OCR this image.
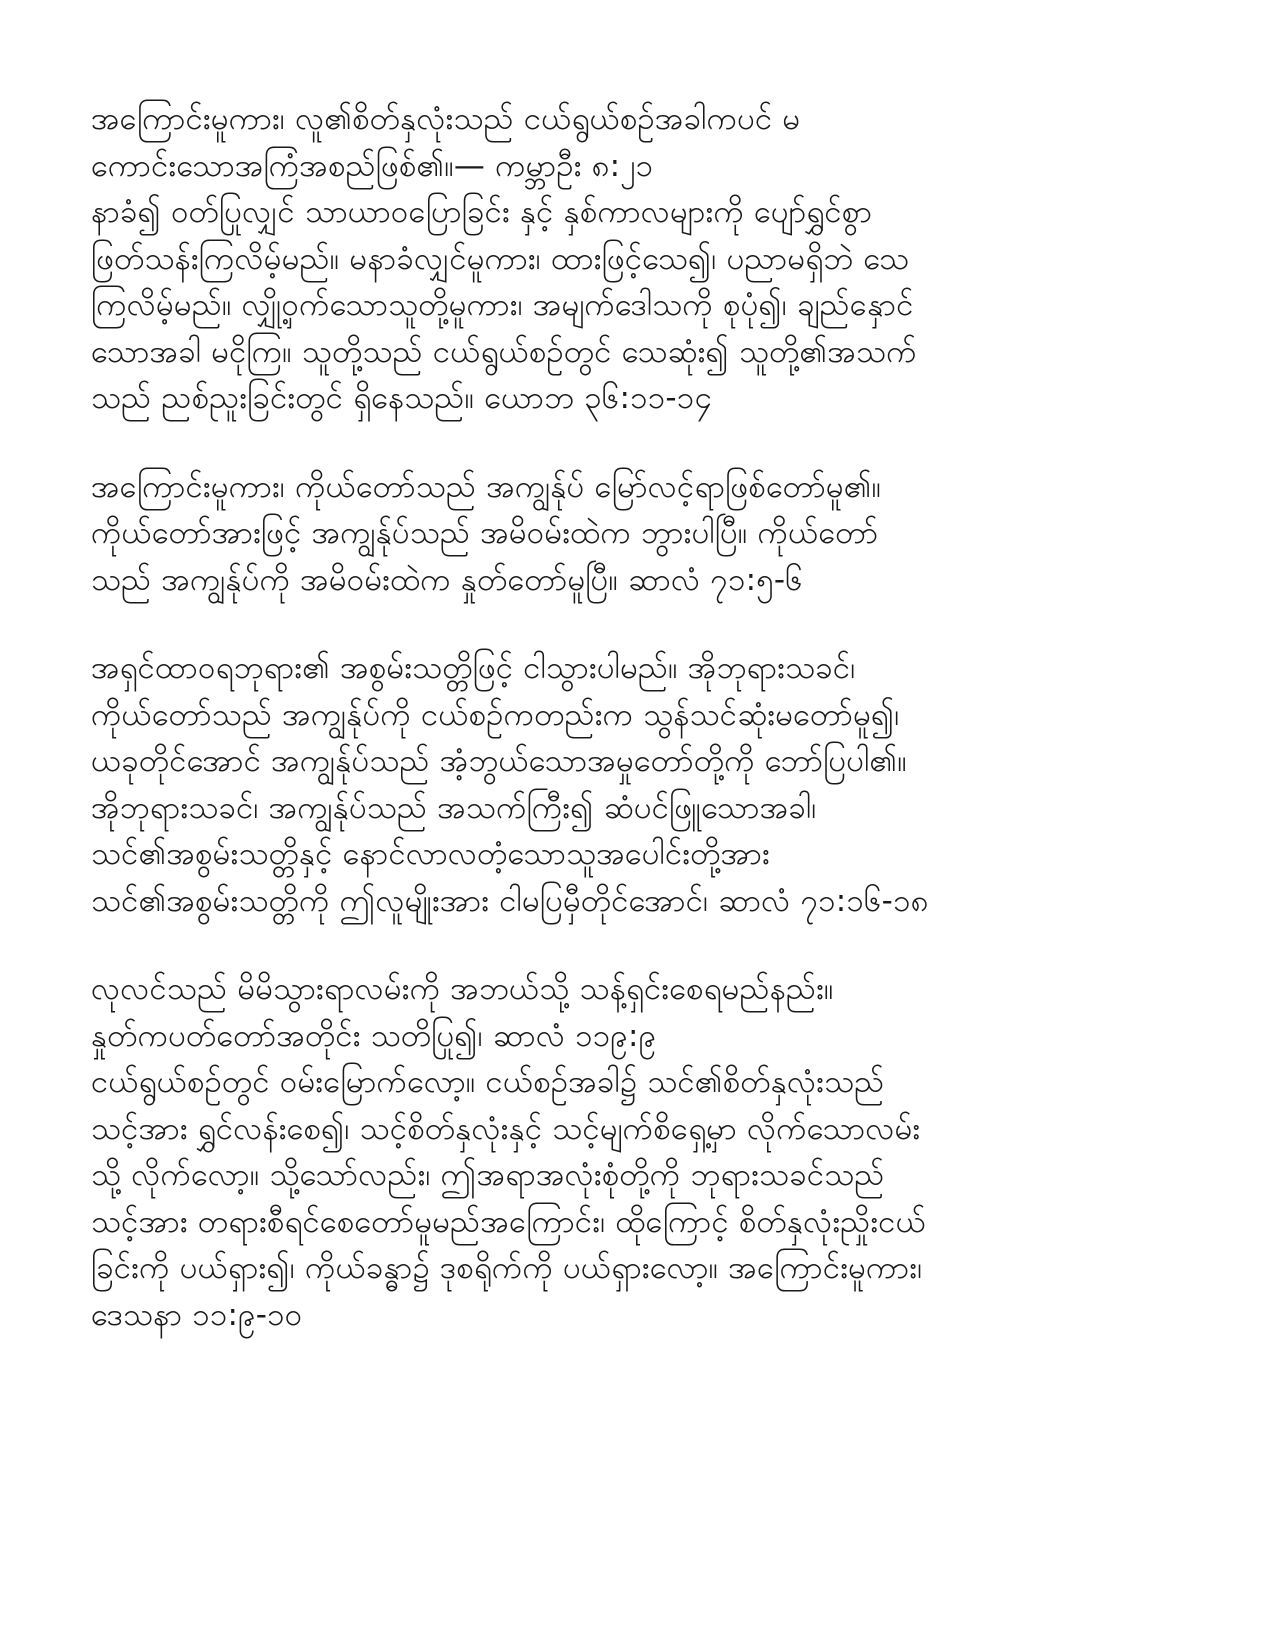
အကြောင်းမူကား၊ လူ၏စိတ်နှလုံးသည် ငယ်ရွယ်စဉ်အခါကပင် မ
ကောင်းသောအကြံအစည်ဖြစ်၏။— ကမ္ဘာဦး ၈:၂၁
နာခံ၍ ဝတ်ပြုလျှင် သာယာဝပြောခြင်း နှင့် နှစ်ကာလများကို ပျော်ရွှင်စွာ
ဖြတ်သန်းကြလိမ့်မည်။ မနာခံလျှင်မူကား၊ ထားဖြင့်သေ၍၊ ပညာမရှိဘဲ သေ
ကြလိမ့်မည်။ လျှို့ဝှက်သောသူတို့မူကား၊ အမျက်ဒေါသကို စုပုံ၍၊ ချည်နှောင်
သောအခါ မငိုကြ။ သူတို့သည် ငယ်ရွယ်စဉ်တွင် သေဆုံး၍ သူတို့၏အသက်
သည် ညစ်ညူးခြင်းတွင် ရှိနေသည်။ ယောဘ ၃၆:၁၁-၁၄

အကြောင်းမူကား၊ ကိုယ်တော်သည် အကျွန်ုပ် မြော်လင့်ရာဖြစ်တော်မူ၏။
ကိုယ်တော်အားဖြင့် အကျွန်ုပ်သည် အမိဝမ်းထဲက ဘွားပါပြီ။ ကိုယ်တော်
သည် အကျွန်ုပ်ကို အမိဝမ်းထဲက နှုတ်တော်မူပြီ။ ဆာလံ ၇၁:၅-၆

အရှင်ထာဝရဘုရား၏ အစွမ်းသတ္တိဖြင့် ငါသွားပါမည်။ အိုဘုရားသခင်၊
ကိုယ်တော်သည် အကျွန်ုပ်ကို ငယ်စဉ်ကတည်းက သွန်သင်ဆုံးမတော်မူ၍၊
ယခုတိုင်အောင် အကျွန်ုပ်သည် အံ့ဘွယ်သောအမှုတော်တို့ကို ဘော်ပြပါ၏။
အိုဘုရားသခင်၊ အကျွန်ုပ်သည် အသက်ကြီး၍ ဆံပင်ဖြူသောအခါ၊
သင်၏အစွမ်းသတ္တိနှင့် နောင်လာလတံ့သောသူအပေါင်းတို့အား
သင်၏အစွမ်းသတ္တိကို ဤလူမျိုးအား ငါမပြမှီတိုင်အောင်၊ ဆာလံ ၇၁:၁၆-၁၈

လုလင်သည် မိမိသွားရာလမ်းကို အဘယ်သို့ သန့်ရှင်းစေရမည်နည်း။
နှုတ်ကပတ်တော်အတိုင်း သတိပြု၍၊ ဆာလံ ၁၁၉:၉
ငယ်ရွယ်စဉ်တွင် ဝမ်းမြောက်လော့။ ငယ်စဉ်အခါ၌ သင်၏စိတ်နှလုံးသည်
သင့်အား ရွှင်လန်းစေ၍၊ သင့်စိတ်နှလုံးနှင့် သင့်မျက်စိရှေ့မှာ လိုက်သောလမ်း
သို့ လိုက်လော့။ သို့သော်လည်း၊ ဤအရာအလုံးစုံတို့ကို ဘုရားသခင်သည်
သင့်အား တရားစီရင်စေတော်မူမည်အကြောင်း၊ ထိုကြောင့် စိတ်နှလုံးညှိုးငယ်
ခြင်းကို ပယ်ရှား၍၊ ကိုယ်ခန္ဓာ၌ ဒုစရိုက်ကို ပယ်ရှားလော့။ အကြောင်းမူကား၊
ဒေသနာ ၁၁:၉-၁၀
